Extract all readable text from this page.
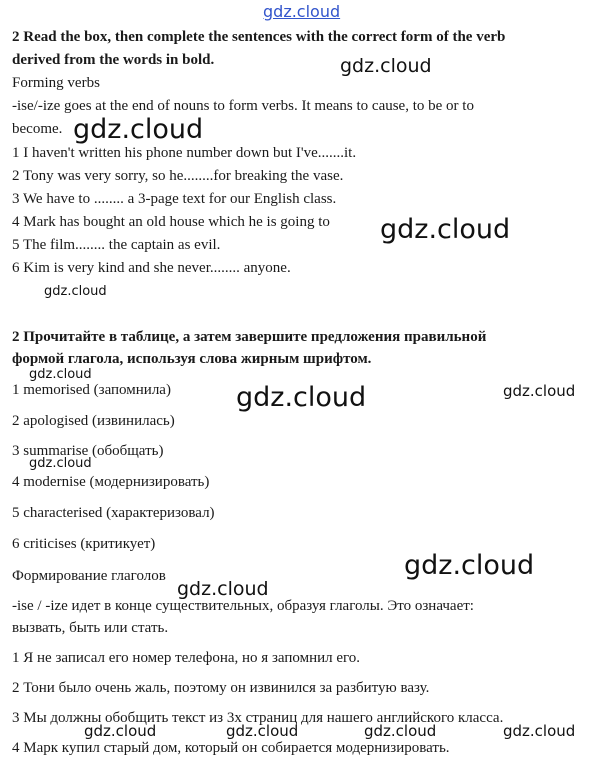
gdz.cloud
2 Read the box, then complete the sentences with the correct form of the verb
derived from the words in bold.
Forming verbs
-ise/-ize goes at the end of nouns to form verbs. It means to cause, to be or to
become.
1 I haven't written his phone number down but I've.......it.
2 Tony was very sorry, so he........for breaking the vase.
3 We have to ........ a 3-page text for our English class.
4 Mark has bought an old house which he is going to
5 The film........ the captain as evil.
6 Kim is very kind and she never........ anyone.
2 Прочитайте в таблице, а затем завершите предложения правильной
формой глагола, используя слова жирным шрифтом.
1 memorised (запомнила)
2 apologised (извинилась)
3 summarise (обобщать)
4 modernise (модернизировать)
5 characterised (характеризовал)
6 criticises (критикует)
Формирование глаголов
-ise / -ize идет в конце существительных, образуя глаголы. Это означает:
вызвать, быть или стать.
1 Я не записал его номер телефона, но я запомнил его.
2 Тони было очень жаль, поэтому он извинился за разбитую вазу.
3 Мы должны обобщить текст из 3х страниц для нашего английского класса.
4 Марк купил старый дом, который он собирается модернизировать.
gdz.cloud
gdz.cloud
gdz.cloud
gdz.cloud
gdz.cloud
gdz.cloud	gdz.cloud
gdz.cloud
gdz.cloud
gdz.cloud
gdz.cloud	gdz.cloud	gdz.cloud	gdz.cloud
